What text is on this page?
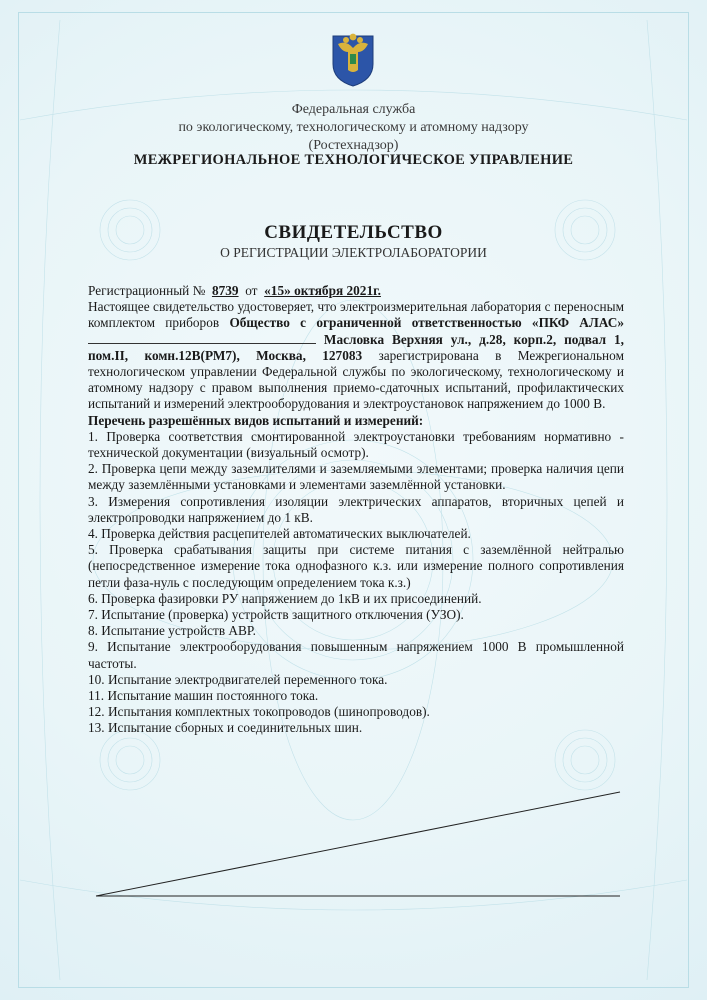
Федеральная служба
по экологическому, технологическому и атомному надзору
(Ростехнадзор)
МЕЖРЕГИОНАЛЬНОЕ ТЕХНОЛОГИЧЕСКОЕ УПРАВЛЕНИЕ
СВИДЕТЕЛЬСТВО
О РЕГИСТРАЦИИ ЭЛЕКТРОЛАБОРАТОРИИ

Регистрационный № 8739 от «15» октября 2021г.

Настоящее свидетельство удостоверяет, что электроизмерительная лаборатория с переносным комплектом приборов Общество с ограниченной ответственностью «ПКФ АЛАС»  Масловка Верхняя ул., д.28, корп.2, подвал 1, пом.II, комн.12В(РМ7), Москва, 127083 зарегистрирована в Межрегиональном технологическом управлении Федеральной службы по экологическому, технологическому и атомному надзору с правом выполнения приемо-сдаточных испытаний, профилактических испытаний и измерений электрооборудования и электроустановок напряжением до 1000 В.

Перечень разрешённых видов испытаний и измерений:

1. Проверка соответствия смонтированной электроустановки требованиям нормативно - технической документации (визуальный осмотр).

2. Проверка цепи между заземлителями и заземляемыми элементами; проверка наличия цепи между заземлёнными установками и элементами заземлённой установки.

3. Измерения сопротивления изоляции электрических аппаратов, вторичных цепей и электропроводки напряжением до 1 кВ.

4. Проверка действия расцепителей автоматических выключателей.

5. Проверка срабатывания защиты при системе питания с заземлённой нейтралью (непосредственное измерение тока однофазного к.з. или измерение полного сопротивления петли фаза-нуль с последующим определением тока к.з.)

6. Проверка фазировки РУ напряжением до 1кВ и их присоединений.

7. Испытание (проверка) устройств защитного отключения (УЗО).

8. Испытание устройств АВР.

9. Испытание электрооборудования повышенным напряжением 1000 В промышленной частоты.

10. Испытание электродвигателей переменного тока.

11. Испытание машин постоянного тока.

12. Испытания комплектных токопроводов (шинопроводов).

13. Испытание сборных и соединительных шин.
